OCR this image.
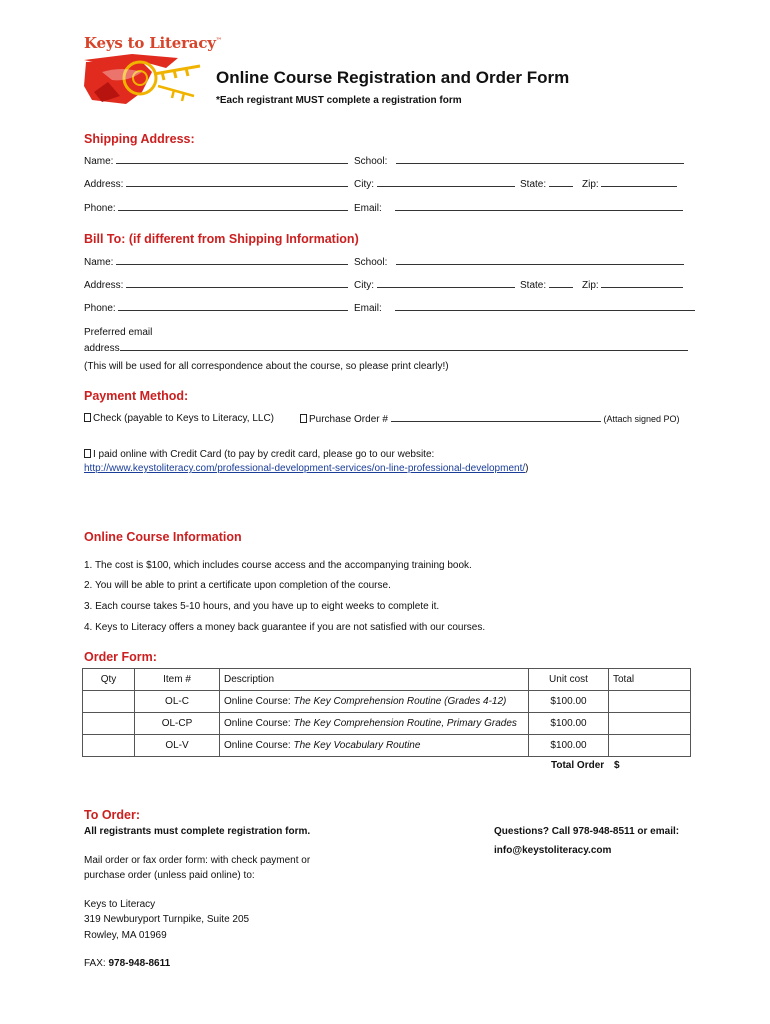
Keys to Literacy™
Online Course Registration and Order Form
*Each registrant MUST complete a registration form
Shipping Address:
Name:	School:
Address:	City:	State:	Zip:
Phone:	Email:
Bill To: (if different from Shipping Information)
Name:	School:
Address:	City:	State:	Zip:
Phone:	Email:
Preferred email
address
(This will be used for all correspondence about the course, so please print clearly!)
Payment Method:
Check (payable to Keys to Literacy, LLC)	Purchase Order #	(Attach signed PO)
I paid online with Credit Card (to pay by credit card, please go to our website:
http://www.keystoliteracy.com/professional-development-services/on-line-professional-development/)
Online Course Information
1. The cost is $100, which includes course access and the accompanying training book.
2. You will be able to print a certificate upon completion of the course.
3. Each course takes 5-10 hours, and you have up to eight weeks to complete it.
4. Keys to Literacy offers a money back guarantee if you are not satisfied with our courses.
Order Form:
Qty	Item #	Description	Unit cost	Total
	OL-C	Online Course: The Key Comprehension Routine (Grades 4-12)	$100.00	
	OL-CP	Online Course: The Key Comprehension Routine, Primary Grades	$100.00	
	OL-V	Online Course: The Key Vocabulary Routine	$100.00	
Total Order $
To Order:
All registrants must complete registration form.
Mail order or fax order form: with check payment or
purchase order (unless paid online) to:
Keys to Literacy
319 Newburyport Turnpike, Suite 205
Rowley, MA 01969
FAX: 978-948-8611
Questions? Call 978-948-8511 or email:
info@keystoliteracy.com
